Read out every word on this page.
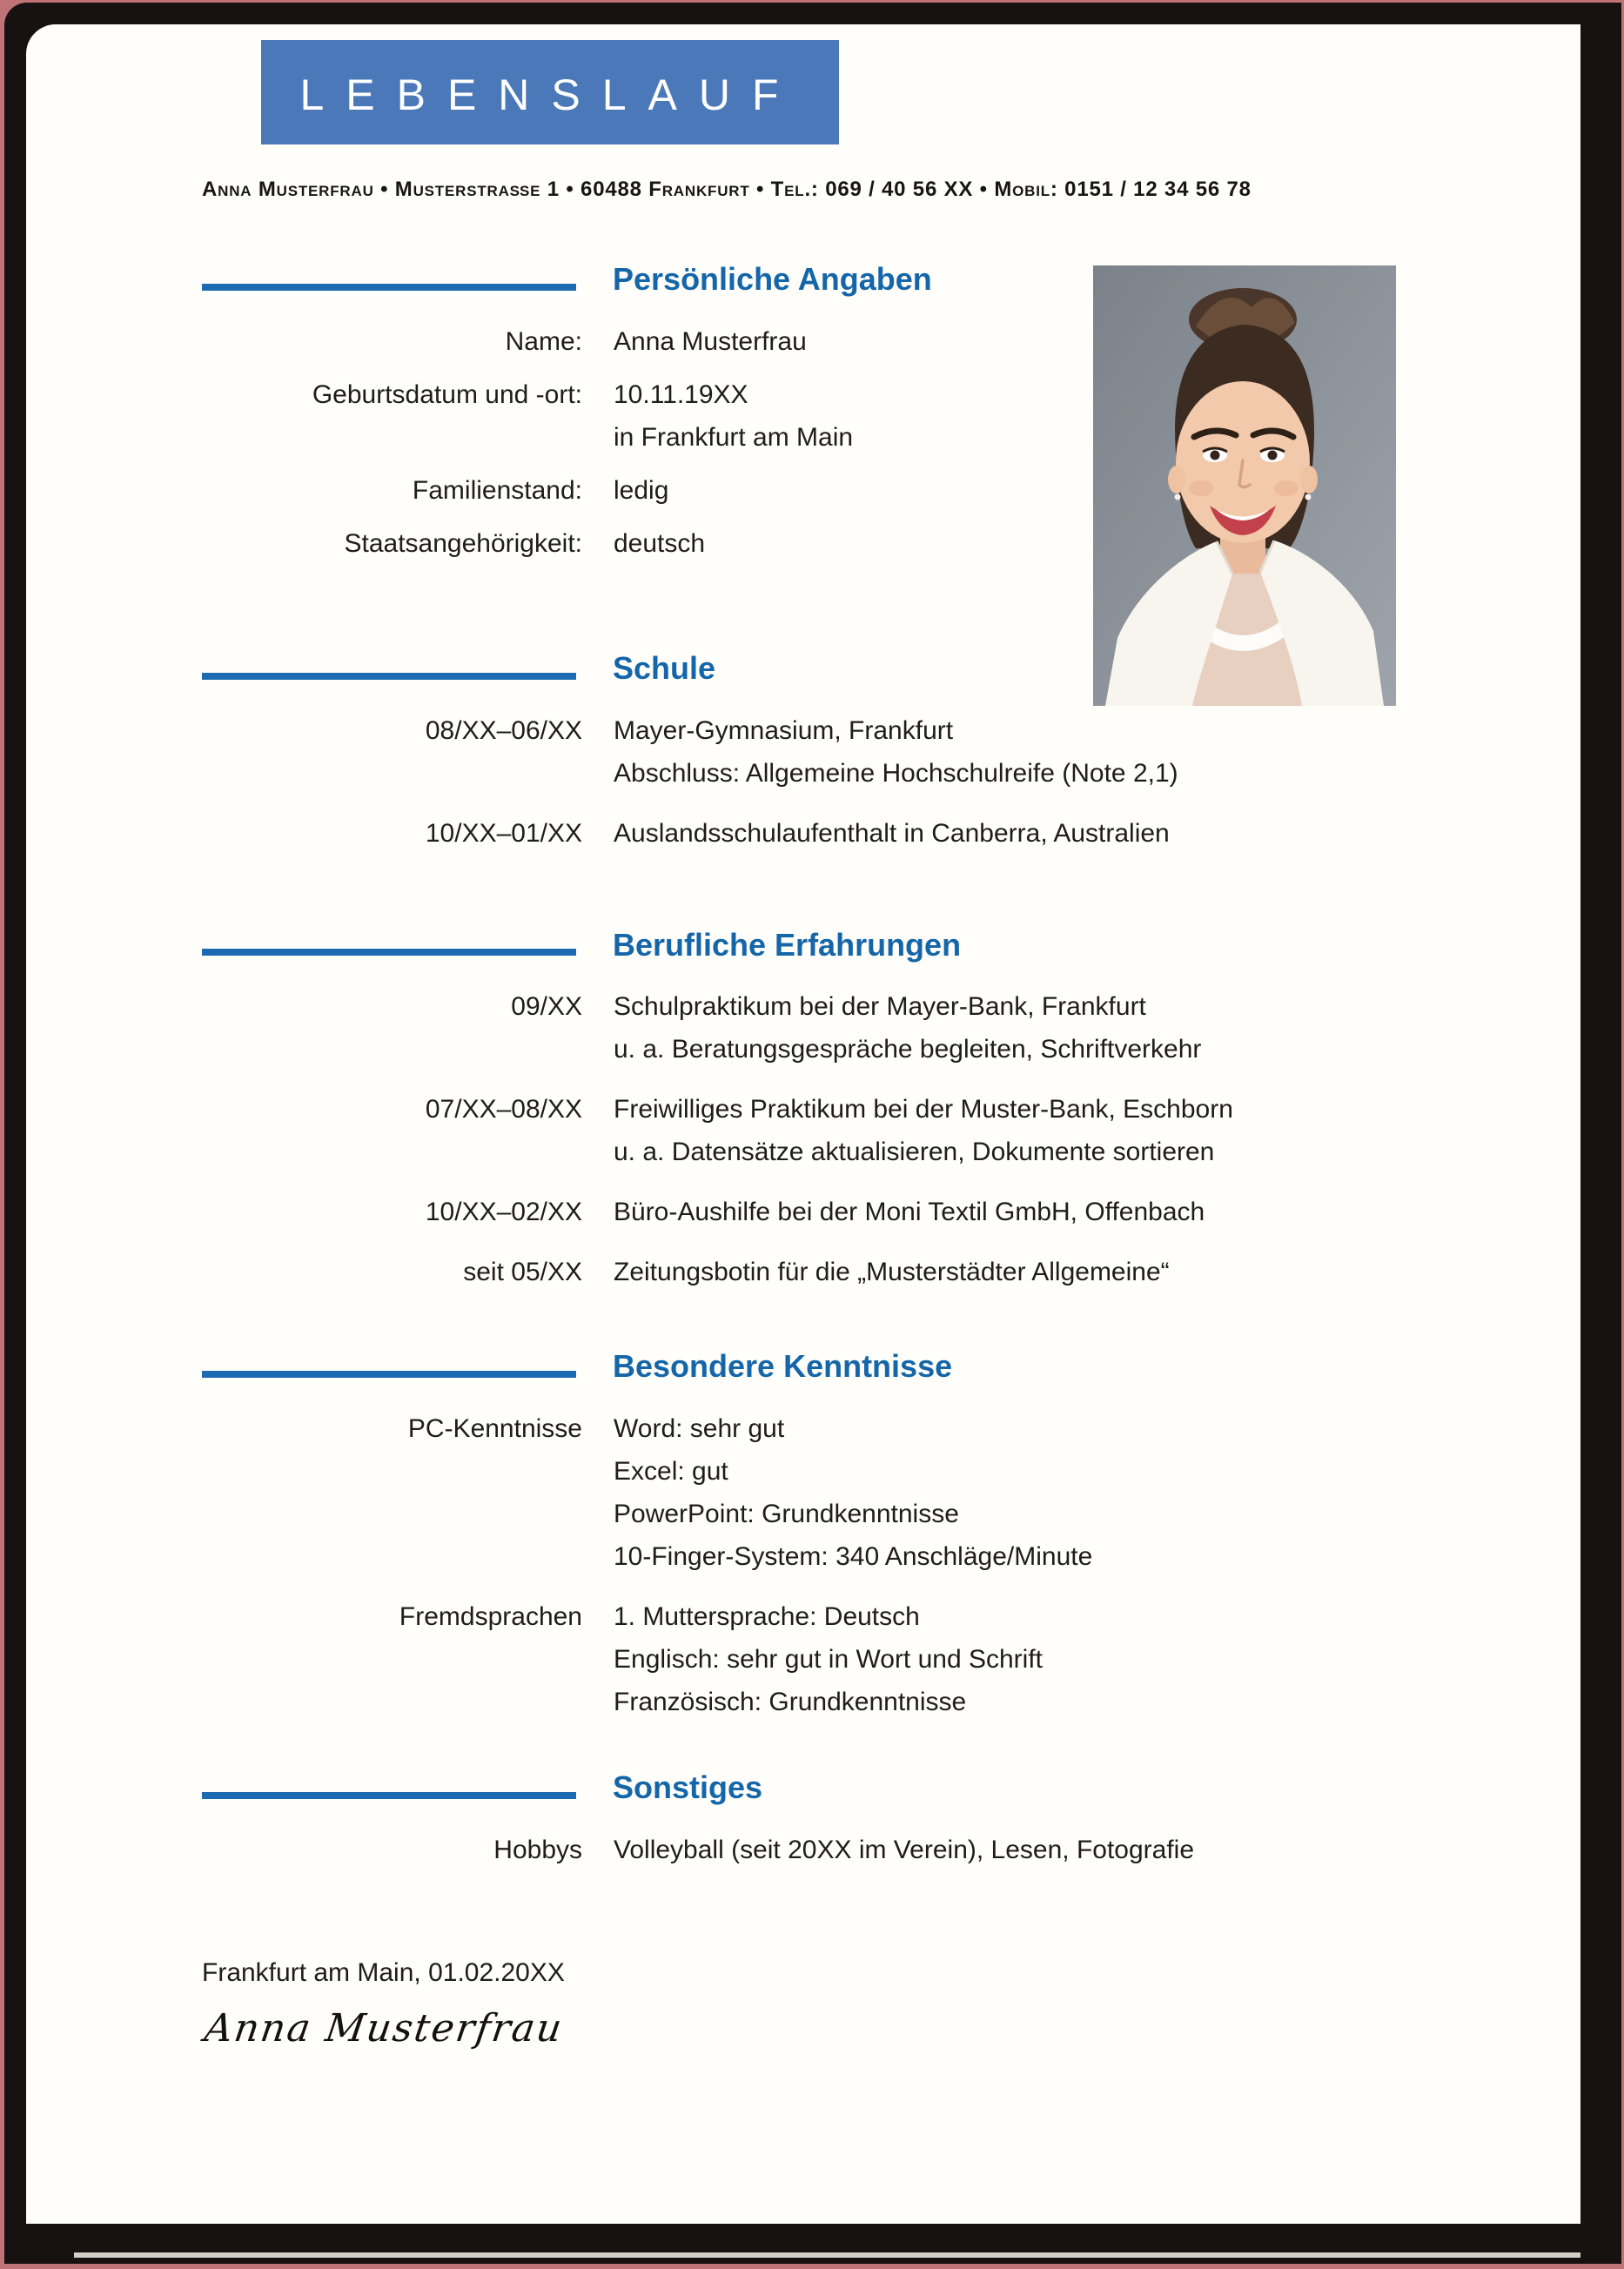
LEBENSLAUF
Anna Musterfrau • Musterstraße 1 • 60488 Frankfurt • Tel.: 069 / 40 56 XX • Mobil: 0151 / 12 34 56 78
Persönliche Angaben
Name: Anna Musterfrau
Geburtsdatum und -ort: 10.11.19XX
in Frankfurt am Main
Familienstand: ledig
Staatsangehörigkeit: deutsch
Schule
08/XX–06/XX Mayer-Gymnasium, Frankfurt
Abschluss: Allgemeine Hochschulreife (Note 2,1)
10/XX–01/XX Auslandsschulaufenthalt in Canberra, Australien
Berufliche Erfahrungen
09/XX Schulpraktikum bei der Mayer-Bank, Frankfurt
u. a. Beratungsgespräche begleiten, Schriftverkehr
07/XX–08/XX Freiwilliges Praktikum bei der Muster-Bank, Eschborn
u. a. Datensätze aktualisieren, Dokumente sortieren
10/XX–02/XX Büro-Aushilfe bei der Moni Textil GmbH, Offenbach
seit 05/XX Zeitungsbotin für die „Musterstädter Allgemeine“
Besondere Kenntnisse
PC-Kenntnisse Word: sehr gut
Excel: gut
PowerPoint: Grundkenntnisse
10-Finger-System: 340 Anschläge/Minute
Fremdsprachen 1. Muttersprache: Deutsch
Englisch: sehr gut in Wort und Schrift
Französisch: Grundkenntnisse
Sonstiges
Hobbys Volleyball (seit 20XX im Verein), Lesen, Fotografie
Frankfurt am Main, 01.02.20XX
Anna Musterfrau
